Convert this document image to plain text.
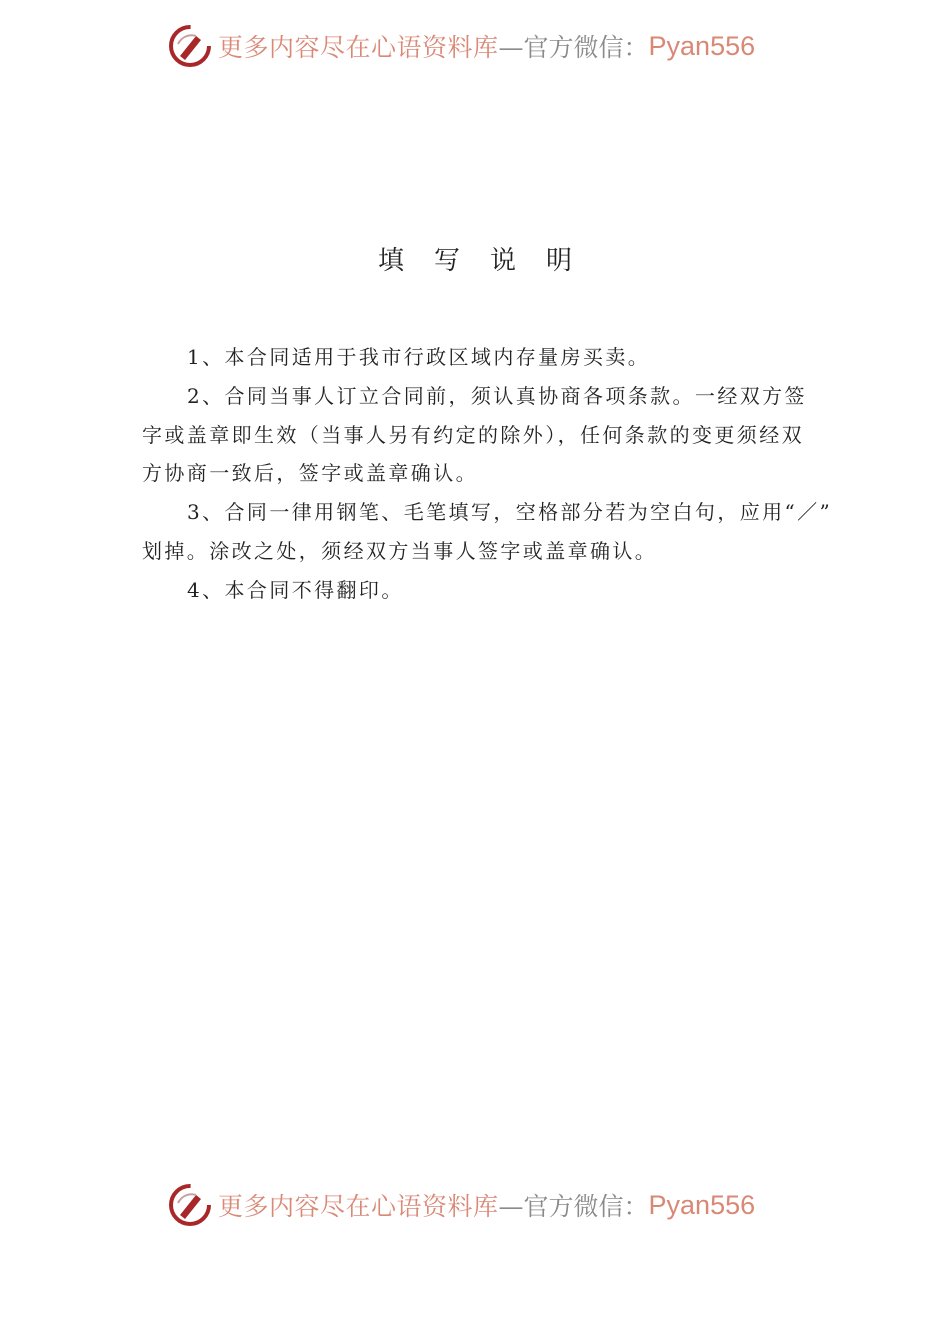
更多内容尽在心语资料库 —官方微信： Pyan556
填写说明
1、本合同适用于我市行政区域内存量房买卖。
2、合同当事人订立合同前，须认真协商各项条款。一经双方签
字或盖章即生效（当事人另有约定的除外），任何条款的变更须经双
方协商一致后，签字或盖章确认。
3、合同一律用钢笔、毛笔填写，空格部分若为空白句，应用“／”
划掉。涂改之处，须经双方当事人签字或盖章确认。
4、本合同不得翻印。
更多内容尽在心语资料库 —官方微信： Pyan556
